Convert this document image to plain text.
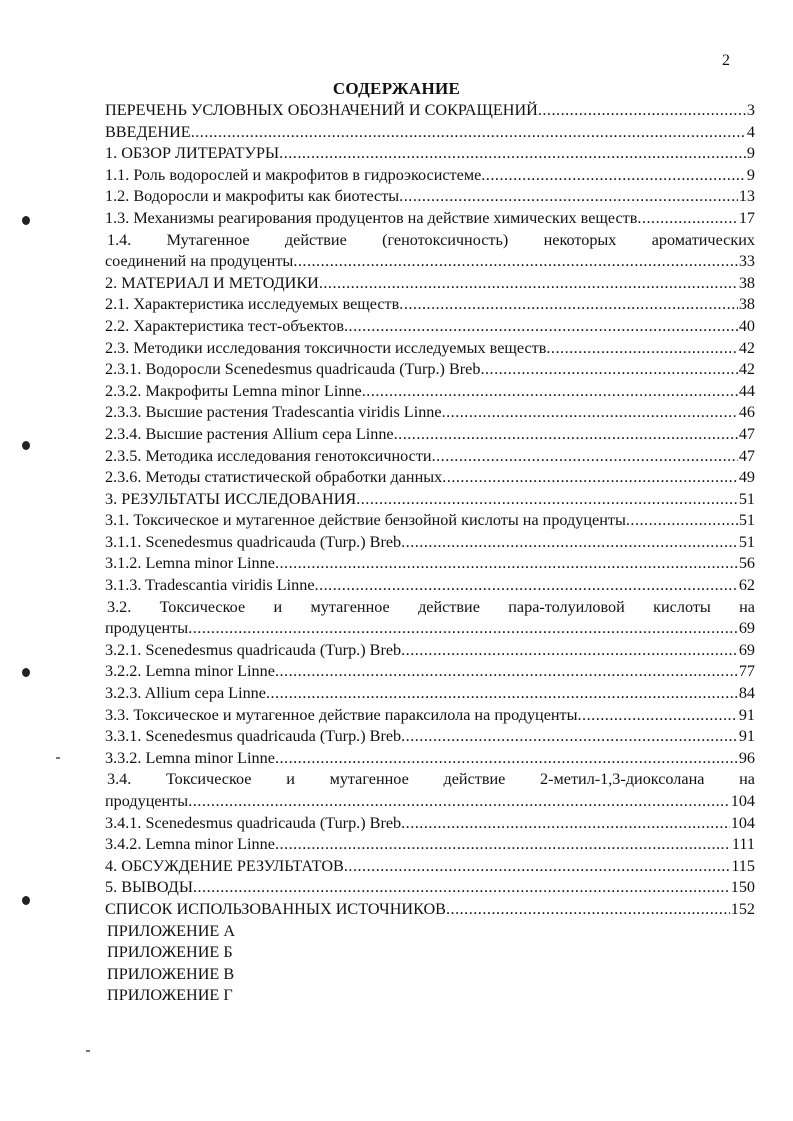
2
СОДЕРЖАНИЕ
ПЕРЕЧЕНЬ УСЛОВНЫХ ОБОЗНАЧЕНИЙ И СОКРАЩЕНИЙ .....	3
ВВЕДЕНИЕ .....	4
1. ОБЗОР ЛИТЕРАТУРЫ .....	9
1.1. Роль водорослей и макрофитов в гидроэкосистеме .....	9
1.2. Водоросли и макрофиты как биотесты .....	13
1.3. Механизмы реагирования продуцентов на действие химических веществ .....	17
1.4. Мутагенное действие (генотоксичность) некоторых ароматических
соединений на продуценты .....	33
2. МАТЕРИАЛ И МЕТОДИКИ .....	38
2.1. Характеристика исследуемых веществ .....	38
2.2. Характеристика тест-объектов .....	40
2.3. Методики исследования токсичности исследуемых веществ .....	42
2.3.1. Водоросли Scenedesmus quadricauda (Turp.) Breb .....	42
2.3.2. Макрофиты Lemna minor Linne .....	44
2.3.3. Высшие растения Tradescantia viridis Linne .....	46
2.3.4. Высшие растения Allium cepa Linne .....	47
2.3.5. Методика исследования генотоксичности .....	47
2.3.6. Методы статистической обработки данных .....	49
3. РЕЗУЛЬТАТЫ ИССЛЕДОВАНИЯ .....	51
3.1. Токсическое и мутагенное действие бензойной кислоты на продуценты .....	51
3.1.1. Scenedesmus quadricauda (Turp.) Breb .....	51
3.1.2. Lemna minor Linne .....	56
3.1.3. Tradescantia viridis Linne .....	62
3.2. Токсическое и мутагенное действие пара-толуиловой кислоты на
продуценты .....	69
3.2.1. Scenedesmus quadricauda (Turp.) Breb .....	69
3.2.2. Lemna minor Linne .....	77
3.2.3. Allium cepa Linne .....	84
3.3. Токсическое и мутагенное действие параксилола на продуценты .....	91
3.3.1. Scenedesmus quadricauda (Turp.) Breb .....	91
3.3.2. Lemna minor Linne .....	96
3.4. Токсическое и мутагенное действие 2-метил-1,3-диоксолана на
продуценты .....	104
3.4.1. Scenedesmus quadricauda (Turp.) Breb .....	104
3.4.2. Lemna minor Linne .....	111
4. ОБСУЖДЕНИЕ РЕЗУЛЬТАТОВ .....	115
5. ВЫВОДЫ .....	150
СПИСОК ИСПОЛЬЗОВАННЫХ ИСТОЧНИКОВ .....	152
ПРИЛОЖЕНИЕ А
ПРИЛОЖЕНИЕ Б
ПРИЛОЖЕНИЕ В
ПРИЛОЖЕНИЕ Г
